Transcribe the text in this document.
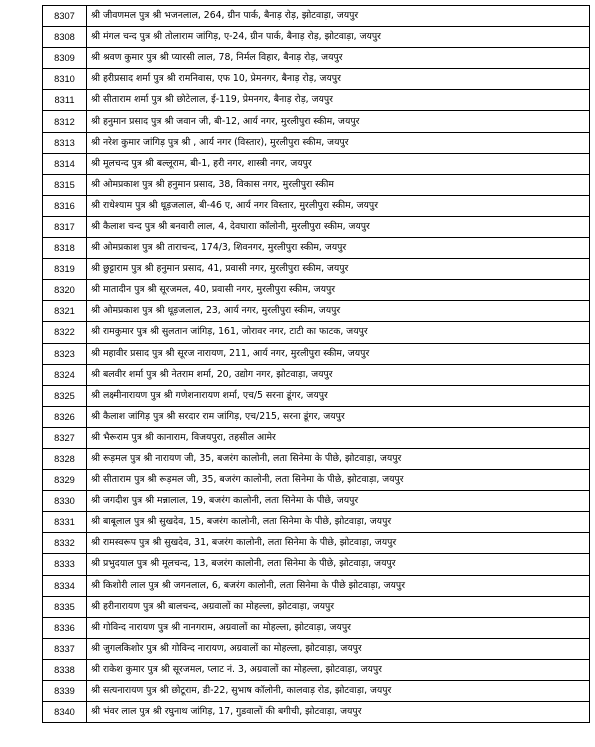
8307	श्री जीवणमल पुत्र श्री भजनलाल, 264, ग्रीन पार्क, बैनाड़ रोड़, झोटवाड़ा, जयपुर
8308	श्री मंगल चन्द पुत्र श्री तोलाराम जांगिड़, ए-24, ग्रीन पार्क, बैनाड़ रोड़, झोटवाड़ा, जयपुर
8309	श्री श्रवण कुमार पुत्र श्री प्यारसी लाल, 78, निर्मल विहार, बैनाड़ रोड़, जयपुर
8310	श्री हरीप्रसाद शर्मा पुत्र श्री रामनिवास, एफ 10, प्रेमनगर, बैनाड़ रोड़, जयपुर
8311	श्री सीताराम शर्मा पुत्र श्री छोटेलाल, ई-119, प्रेमनगर, बैनाड़ रोड़, जयपुर
8312	श्री हनुमान प्रसाद पुत्र श्री जवान जी, बी-12, आर्य नगर, मुरलीपुरा स्कीम, जयपुर
8313	श्री नरेश कुमार जांगिड़ पुत्र श्री , आर्य नगर (विस्तार), मुरलीपुरा स्कीम, जयपुर
8314	श्री मूलचन्द पुत्र श्री बल्लूराम, बी-1, हरी नगर, शास्त्री नगर, जयपुर
8315	श्री ओमप्रकाश पुत्र श्री हनुमान प्रसाद, 38, विकास नगर, मुरलीपुरा स्कीम
8316	श्री राधेश्याम पुत्र श्री धूड़जलाल, बी-46 ए, आर्य नगर विस्तार, मुरलीपुरा स्कीम, जयपुर
8317	श्री कैलाश चन्द पुत्र श्री बनवारी लाल, 4, देवघाराा कॉलोनी, मुरलीपुरा स्कीम, जयपुर
8318	श्री ओमप्रकाश पुत्र श्री ताराचन्द, 174/3, शिवनगर, मुरलीपुरा स्कीम, जयपुर
8319	श्री छुट्टाराम पुत्र श्री हनुमान प्रसाद, 41, प्रवासी नगर, मुरलीपुरा स्कीम, जयपुर
8320	श्री मातादीन पुत्र श्री सूरजमल, 40, प्रवासी नगर, मुरलीपुरा स्कीम, जयपुर
8321	श्री ओमप्रकाश पुत्र श्री धूड़जलाल, 23, आर्य नगर, मुरलीपुरा स्कीम, जयपुर
8322	श्री रामकुमार पुत्र श्री सुलतान जांगिड़, 161, जोरावर नगर, टाटी का फाटक, जयपुर
8323	श्री महावीर प्रसाद पुत्र श्री सूरज नारायण, 211, आर्य नगर, मुरलीपुरा स्कीम, जयपुर
8324	श्री बलवीर शर्मा पुत्र श्री नेतराम शर्मा, 20, उद्योग नगर, झोटवाड़ा, जयपुर
8325	श्री लक्ष्मीनारायण पुत्र श्री गणेशनारायण शर्मा, एच/5 सरना डूंगर, जयपुर
8326	श्री कैलाश जांगिड़ पुत्र श्री सरदार राम जांगिड़, एच/215, सरना डूंगर, जयपुर
8327	श्री भैरूराम पुत्र श्री कानाराम, विजयपुरा, तहसील आमेर
8328	श्री रूड़मल पुत्र श्री नारायण जी, 35, बजरंग कालोनी, लता सिनेमा के पीछे, झोटवाड़ा, जयपुर
8329	श्री सीताराम पुत्र श्री रूड़मल जी, 35, बजरंग कालोनी, लता सिनेमा के पीछे, झोटवाड़ा, जयपुर
8330	श्री जगदीश पुत्र श्री मन्नालाल, 19, बजरंग कालोनी, लता सिनेमा के पीछे, जयपुर
8331	श्री बाबूलाल पुत्र श्री सुखदेव, 15, बजरंग कालोनी, लता सिनेमा के पीछे, झोटवाड़ा, जयपुर
8332	श्री रामस्वरूप पुत्र श्री सुखदेव, 31, बजरंग कालोनी, लता सिनेमा के पीछे, झोटवाड़ा, जयपुर
8333	श्री प्रभुदयाल पुत्र श्री मूलचन्द, 13, बजरंग कालोनी, लता सिनेमा के पीछे, झोटवाड़ा, जयपुर
8334	श्री किशोरी लाल पुत्र श्री जगनलाल, 6, बजरंग कालोनी, लता सिनेमा के पीछे झोटवाड़ा, जयपुर
8335	श्री हरीनारायण पुत्र श्री बालचन्द, अग्रवालों का मोहल्ला, झोटवाड़ा, जयपुर
8336	श्री गोविन्द नारायण पुत्र श्री नानगराम, अग्रवालों का मोहल्ला, झोटवाड़ा, जयपुर
8337	श्री जुगलकिशोर पुत्र श्री गोविन्द नारायण, अग्रवालों का मोहल्ला, झोटवाड़ा, जयपुर
8338	श्री राकेश कुमार पुत्र श्री सूरजमल, प्लाट नं. 3, अग्रवालों का मोहल्ला, झोटवाड़ा, जयपुर
8339	श्री सत्यनारायण पुत्र श्री छोटूराम, डी-22, सुभाष कॉलोनी, कालवाड़ रोड, झोटवाड़ा, जयपुर
8340	श्री भंवर लाल पुत्र श्री रघुनाथ जांगिड़, 17, गुडवालों की बगीची, झोटवाड़ा, जयपुर
